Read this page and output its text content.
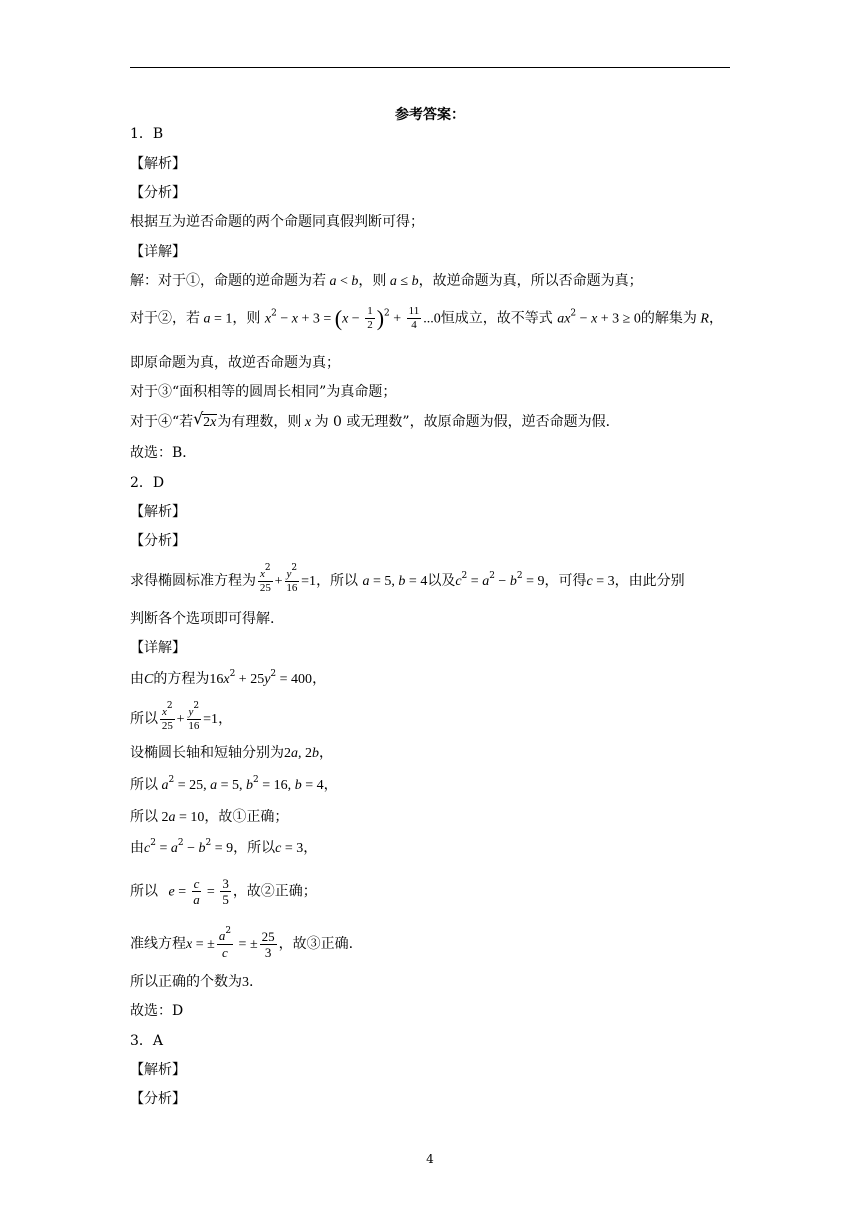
参考答案：
1．B
【解析】
【分析】
根据互为逆否命题的两个命题同真假判断可得；
【详解】
解：对于①，命题的逆命题为若 a < b，则 a ≤ b，故逆命题为真，所以否命题为真；
对于②，若 a = 1，则 $x^2 - x + 3 = (x - \frac{1}{2} )^2 + \frac{11}{4} ...0$恒成立，故不等式 $ax^2 - x + 3 \ge 0$的解集为 R，
即原命题为真，故逆否命题为真；
对于③“面积相等的圆周长相同”为真命题；
对于④“若 √ 2x为有理数，则 x 为 0 或无理数”，故原命题为假，逆否命题为假．
故选：B．
2．D
【解析】
【分析】
求得椭圆标准方程为 $\frac{x^2}{25} + \frac{y^2}{16} =1$，所以 a = 5, b = 4以及$c^2 = a^2 - b^2 = 9$，可得c = 3，由此分别
判断各个选项即可得解.
【详解】
由C的方程为$16x^2 + 25y^2 = 400$，
所以 $\frac{x^2}{25} + \frac{y^2}{16} =1$，
设椭圆长轴和短轴分别为2a, 2b，
所以 $a^2 = 25$, a = 5, $b^2 = 16$, b = 4，
所以 2a = 10，故①正确；
由$c^2 = a^2 - b^2 = 9$，所以c = 3，
所以   $e = \frac{c}{a} = \frac{3}{5}$ ，故②正确；
准线方程x = ± $\frac{a^2}{c}$ = ± $\frac{25}{3}$ ，故③正确.
所以正确的个数为3.
故选：D
3．A
【解析】
【分析】
4
